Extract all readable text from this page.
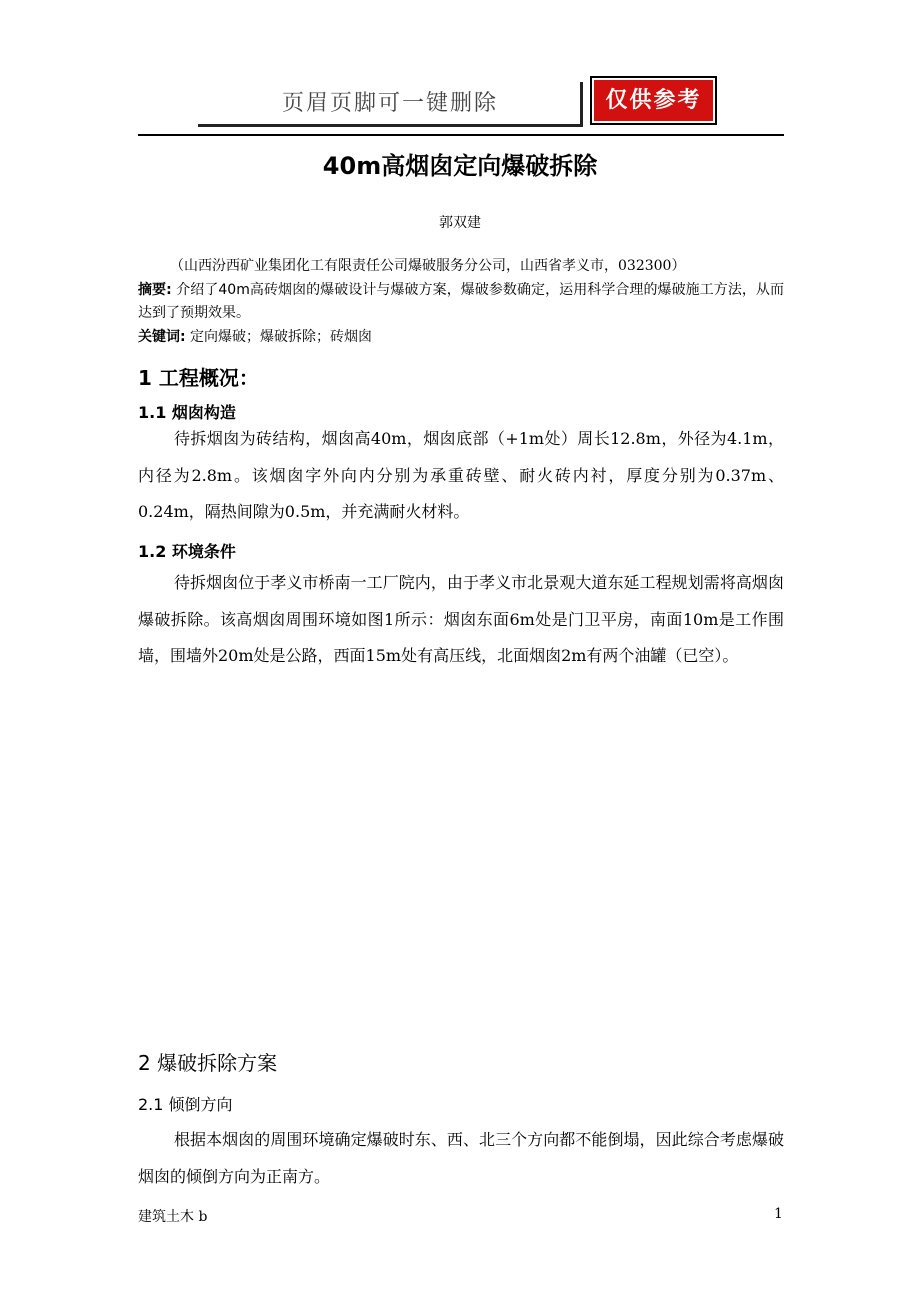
页眉页脚可一键删除	仅供参考
40m高烟囱定向爆破拆除
郭双建
（山西汾西矿业集团化工有限责任公司爆破服务分公司，山西省孝义市，032300）
摘要: 介绍了40m高砖烟囱的爆破设计与爆破方案，爆破参数确定，运用科学合理的爆破施工方法，从而达到了预期效果。
关键词: 定向爆破；爆破拆除；砖烟囱
1 工程概况：
1.1 烟囱构造
待拆烟囱为砖结构，烟囱高40m，烟囱底部（+1m处）周长12.8m，外径为4.1m，内径为2.8m。该烟囱字外向内分别为承重砖壁、耐火砖内衬，厚度分别为0.37m、0.24m，隔热间隙为0.5m，并充满耐火材料。
1.2 环境条件
待拆烟囱位于孝义市桥南一工厂院内，由于孝义市北景观大道东延工程规划需将高烟囱爆破拆除。该高烟囱周围环境如图1所示：烟囱东面6m处是门卫平房，南面10m是工作围墙，围墙外20m处是公路，西面15m处有高压线，北面烟囱2m有两个油罐（已空）。
2 爆破拆除方案
2.1 倾倒方向
根据本烟囱的周围环境确定爆破时东、西、北三个方向都不能倒塌，因此综合考虑爆破烟囱的倾倒方向为正南方。
建筑土木 b	1
